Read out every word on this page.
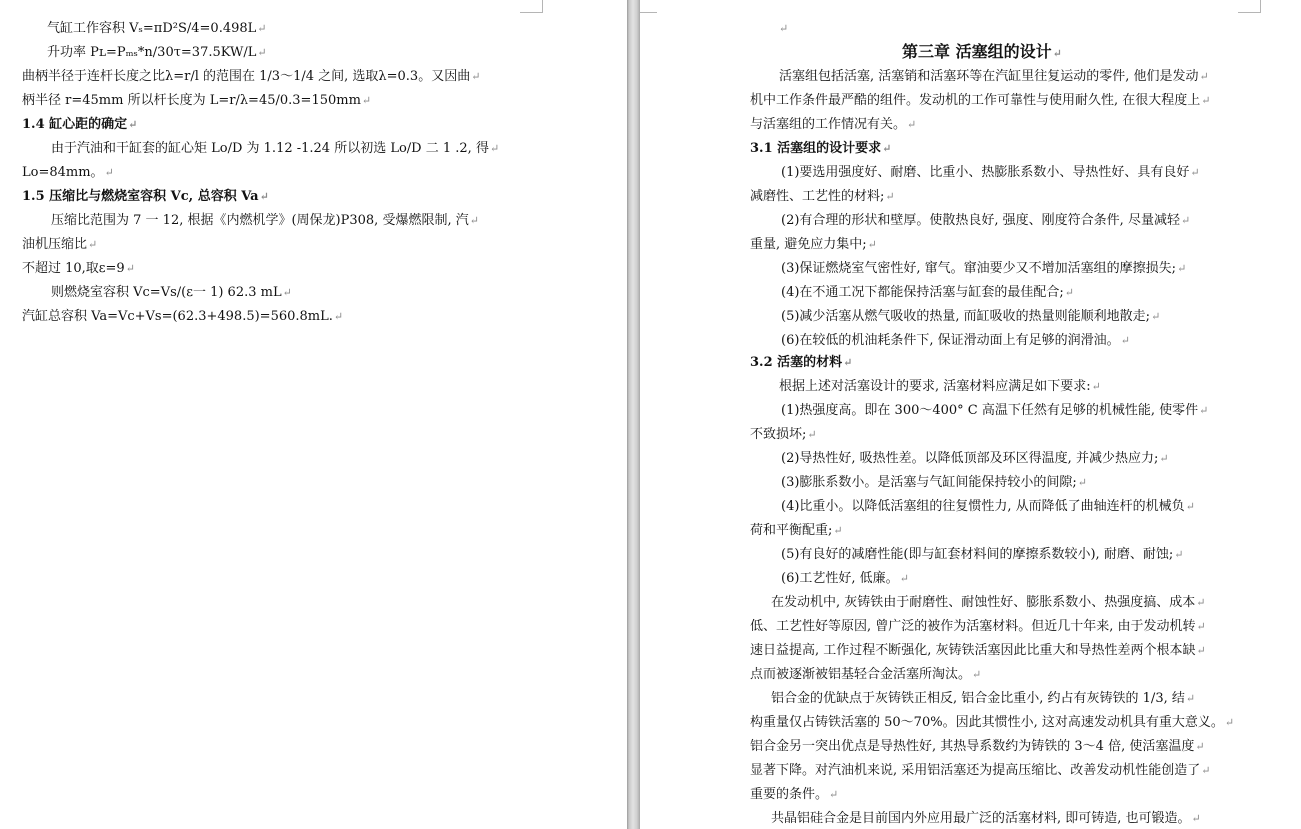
气缸工作容积 Vₛ=πD²S/4=0.498L↵
升功率 Pʟ=Pₘₛ*n/30τ=37.5KW/L↵
曲柄半径于连杆长度之比λ=r/l 的范围在 1/3～1/4 之间, 选取λ=0.3。又因曲↵
柄半径 r=45mm 所以杆长度为 L=r/λ=45/0.3=150mm↵
1.4 缸心距的确定↵
由于汽油和干缸套的缸心矩 Lo/D 为 1.12 -1.24 所以初选 Lo/D 二 1 .2, 得↵
Lo=84mm。↵
1.5 压缩比与燃烧室容积 Vc, 总容积 Va↵
压缩比范围为 7 一 12, 根据《内燃机学》(周保龙)P308, 受爆燃限制, 汽↵
油机压缩比↵
不超过 10,取ε=9↵
则燃烧室容积 Vc=Vs/(ε一 1) 62.3 mL↵
汽缸总容积 Va=Vc+Vs=(62.3+498.5)=560.8mL.↵
↵
第三章 活塞组的设计↵
活塞组包括活塞, 活塞销和活塞环等在汽缸里往复运动的零件, 他们是发动↵
机中工作条件最严酷的组件。发动机的工作可靠性与使用耐久性, 在很大程度上↵
与活塞组的工作情况有关。↵
3.1 活塞组的设计要求↵
(1)要选用强度好、耐磨、比重小、热膨胀系数小、导热性好、具有良好↵
减磨性、工艺性的材料;↵
(2)有合理的形状和壁厚。使散热良好, 强度、刚度符合条件, 尽量减轻↵
重量, 避免应力集中;↵
(3)保证燃烧室气密性好, 窜气。窜油要少又不增加活塞组的摩擦损失;↵
(4)在不通工况下都能保持活塞与缸套的最佳配合;↵
(5)减少活塞从燃气吸收的热量, 而缸吸收的热量则能顺利地散走;↵
(6)在较低的机油耗条件下, 保证滑动面上有足够的润滑油。↵
3.2 活塞的材料↵
根据上述对活塞设计的要求, 活塞材料应满足如下要求:↵
(1)热强度高。即在 300～400° C 高温下任然有足够的机械性能, 使零件↵
不致损坏;↵
(2)导热性好, 吸热性差。以降低顶部及环区得温度, 并减少热应力;↵
(3)膨胀系数小。是活塞与气缸间能保持较小的间隙;↵
(4)比重小。以降低活塞组的往复惯性力, 从而降低了曲轴连杆的机械负↵
荷和平衡配重;↵
(5)有良好的减磨性能(即与缸套材料间的摩擦系数较小), 耐磨、耐蚀;↵
(6)工艺性好, 低廉。↵
在发动机中, 灰铸铁由于耐磨性、耐蚀性好、膨胀系数小、热强度搞、成本↵
低、工艺性好等原因, 曾广泛的被作为活塞材料。但近几十年来, 由于发动机转↵
速日益提高, 工作过程不断强化, 灰铸铁活塞因此比重大和导热性差两个根本缺↵
点而被逐渐被铝基轻合金活塞所淘汰。↵
铝合金的优缺点于灰铸铁正相反, 铝合金比重小, 约占有灰铸铁的 1/3, 结↵
构重量仅占铸铁活塞的 50～70%。因此其惯性小, 这对高速发动机具有重大意义。↵
铝合金另一突出优点是导热性好, 其热导系数约为铸铁的 3～4 倍, 使活塞温度↵
显著下降。对汽油机来说, 采用铝活塞还为提高压缩比、改善发动机性能创造了↵
重要的条件。↵
共晶铝硅合金是目前国内外应用最广泛的活塞材料, 即可铸造, 也可锻造。↵
